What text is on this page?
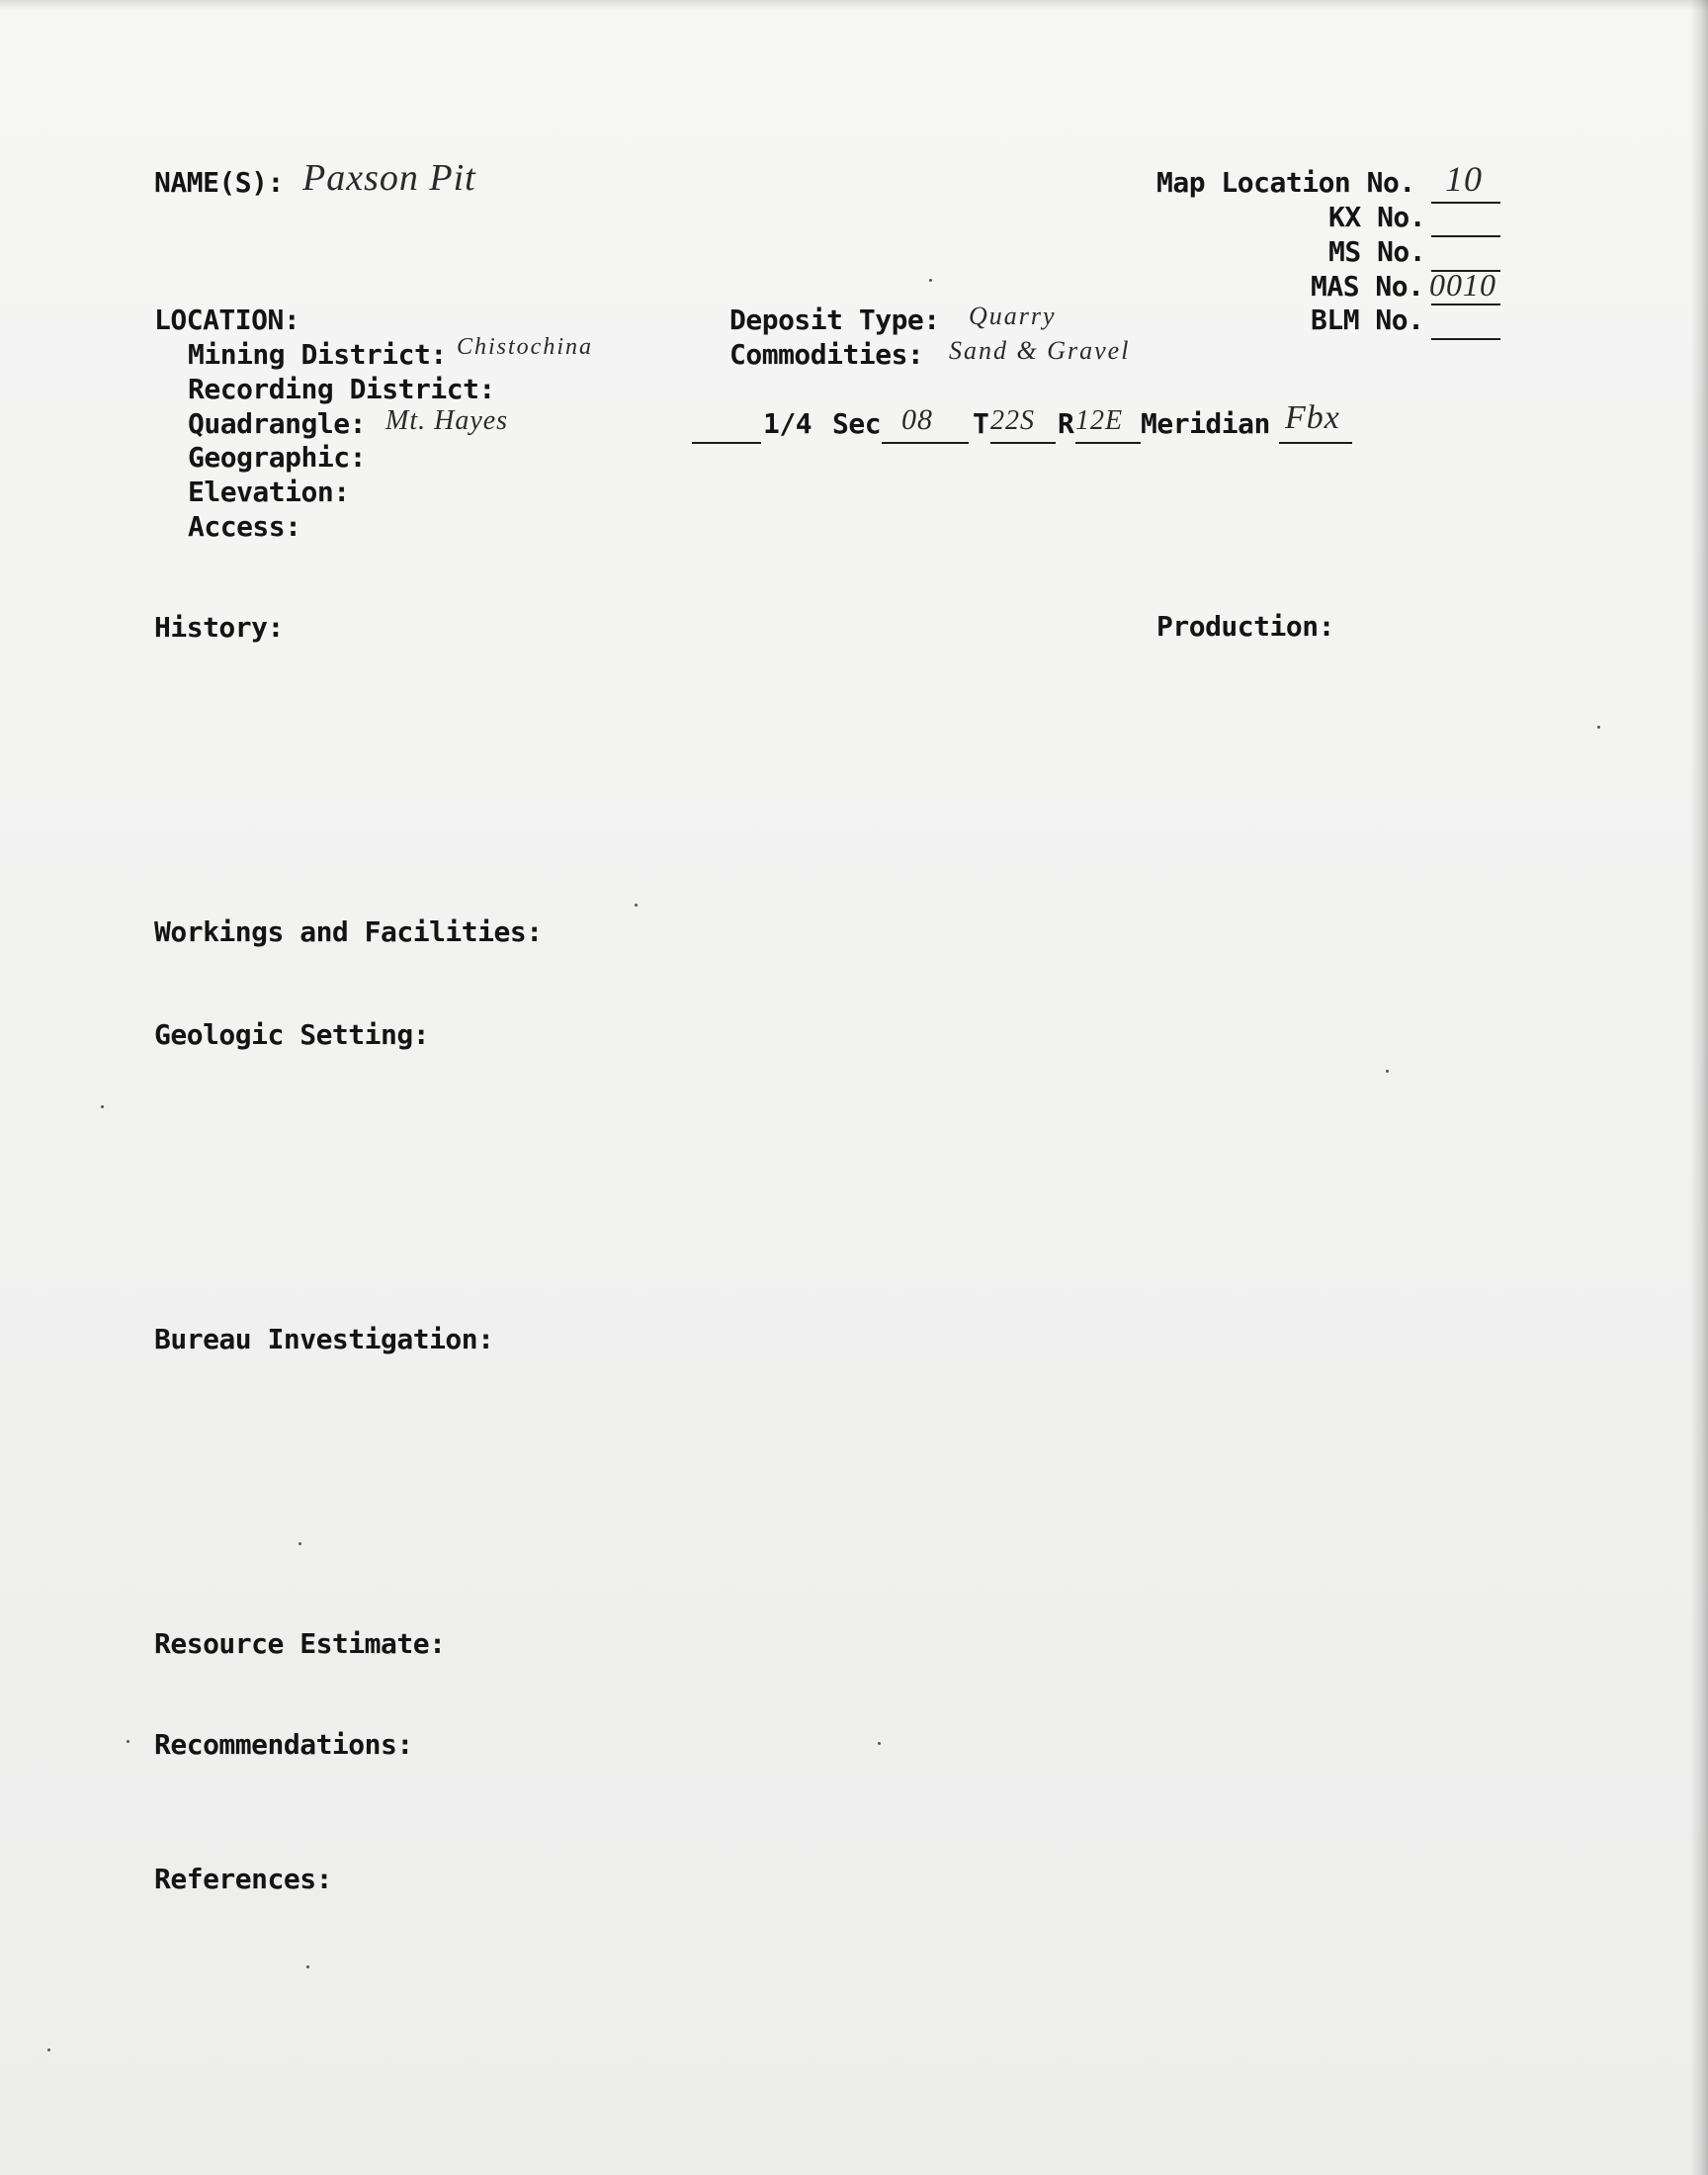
NAME(S): Paxson Pit	Map Location No. 10
KX No.
MS No.
MAS No. 0010
BLM No.
LOCATION:
Mining District: Chistochina
Recording District:
Quadrangle: Mt. Hayes
Geographic:
Elevation:
Access:
Deposit Type: Quarry
Commodities: Sand & Gravel
1/4 Sec 08 T 22S R 12E Meridian Fbx
History:	Production:
Workings and Facilities:
Geologic Setting:
Bureau Investigation:
Resource Estimate:
Recommendations:
References:
